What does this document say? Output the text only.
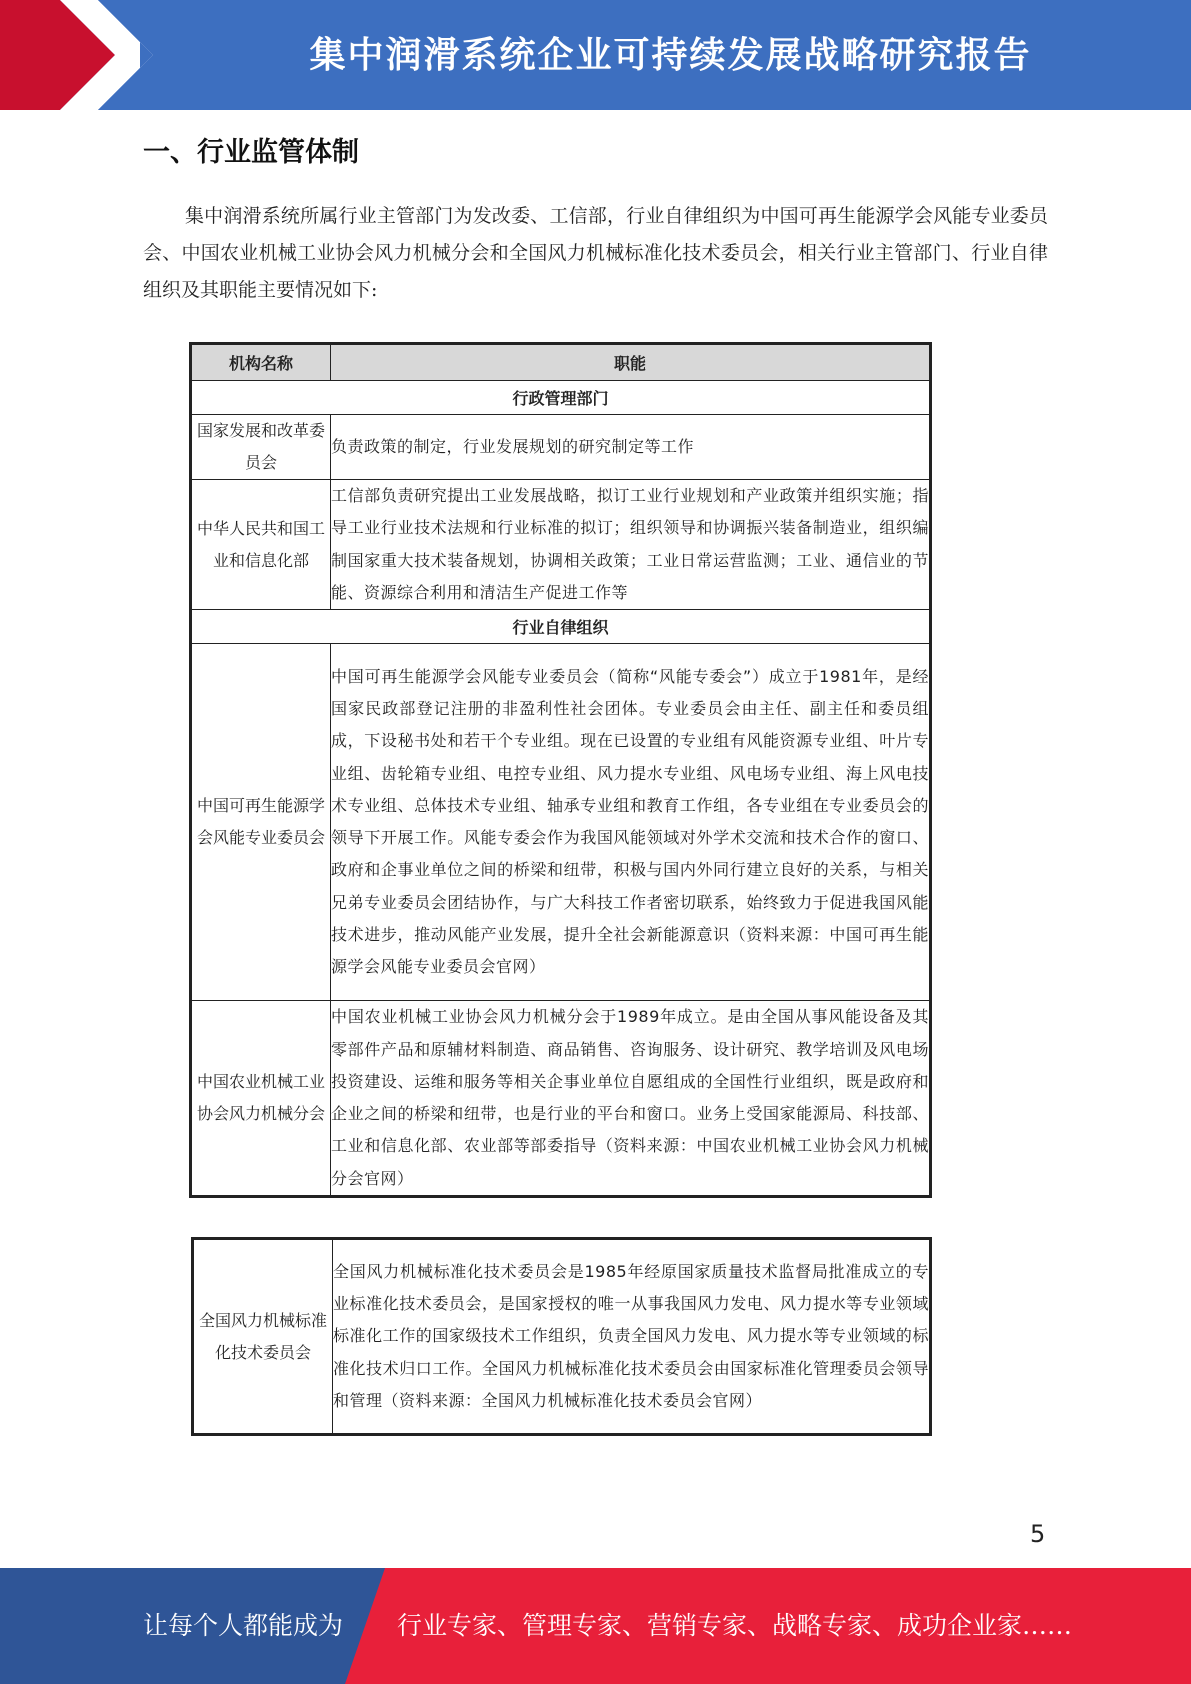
集中润滑系统企业可持续发展战略研究报告
一、行业监管体制

集中润滑系统所属行业主管部门为发改委、工信部，行业自律组织为中国可再生能源学会风能专业委员会、中国农业机械工业协会风力机械分会和全国风力机械标准化技术委员会，相关行业主管部门、行业自律组织及其职能主要情况如下:

机构名称	职能
行政管理部门	
国家发展和改革委员会	负责政策的制定，行业发展规划的研究制定等工作
中华人民共和国工业和信息化部	工信部负责研究提出工业发展战略，拟订工业行业规划和产业政策并组织实施；指导工业行业技术法规和行业标准的拟订；组织领导和协调振兴装备制造业，组织编制国家重大技术装备规划，协调相关政策；工业日常运营监测；工业、通信业的节能、资源综合利用和清洁生产促进工作等
行业自律组织	
中国可再生能源学会风能专业委员会	中国可再生能源学会风能专业委员会（简称“风能专委会”）成立于1981年，是经国家民政部登记注册的非盈利性社会团体。专业委员会由主任、副主任和委员组成，下设秘书处和若干个专业组。现在已设置的专业组有风能资源专业组、叶片专业组、齿轮箱专业组、电控专业组、风力提水专业组、风电场专业组、海上风电技术专业组、总体技术专业组、轴承专业组和教育工作组，各专业组在专业委员会的领导下开展工作。风能专委会作为我国风能领域对外学术交流和技术合作的窗口、政府和企事业单位之间的桥梁和纽带，积极与国内外同行建立良好的关系，与相关兄弟专业委员会团结协作，与广大科技工作者密切联系，始终致力于促进我国风能技术进步，推动风能产业发展，提升全社会新能源意识（资料来源：中国可再生能源学会风能专业委员会官网）
中国农业机械工业协会风力机械分会	中国农业机械工业协会风力机械分会于1989年成立。是由全国从事风能设备及其零部件产品和原辅材料制造、商品销售、咨询服务、设计研究、教学培训及风电场投资建设、运维和服务等相关企事业单位自愿组成的全国性行业组织，既是政府和企业之间的桥梁和纽带，也是行业的平台和窗口。业务上受国家能源局、科技部、工业和信息化部、农业部等部委指导（资料来源：中国农业机械工业协会风力机械分会官网）
全国风力机械标准化技术委员会	全国风力机械标准化技术委员会是1985年经原国家质量技术监督局批准成立的专业标准化技术委员会，是国家授权的唯一从事我国风力发电、风力提水等专业领域标准化工作的国家级技术工作组织，负责全国风力发电、风力提水等专业领域的标准化技术归口工作。全国风力机械标准化技术委员会由国家标准化管理委员会领导和管理（资料来源：全国风力机械标准化技术委员会官网）
5
让每个人都能成为 行业专家、管理专家、营销专家、战略专家、成功企业家……
